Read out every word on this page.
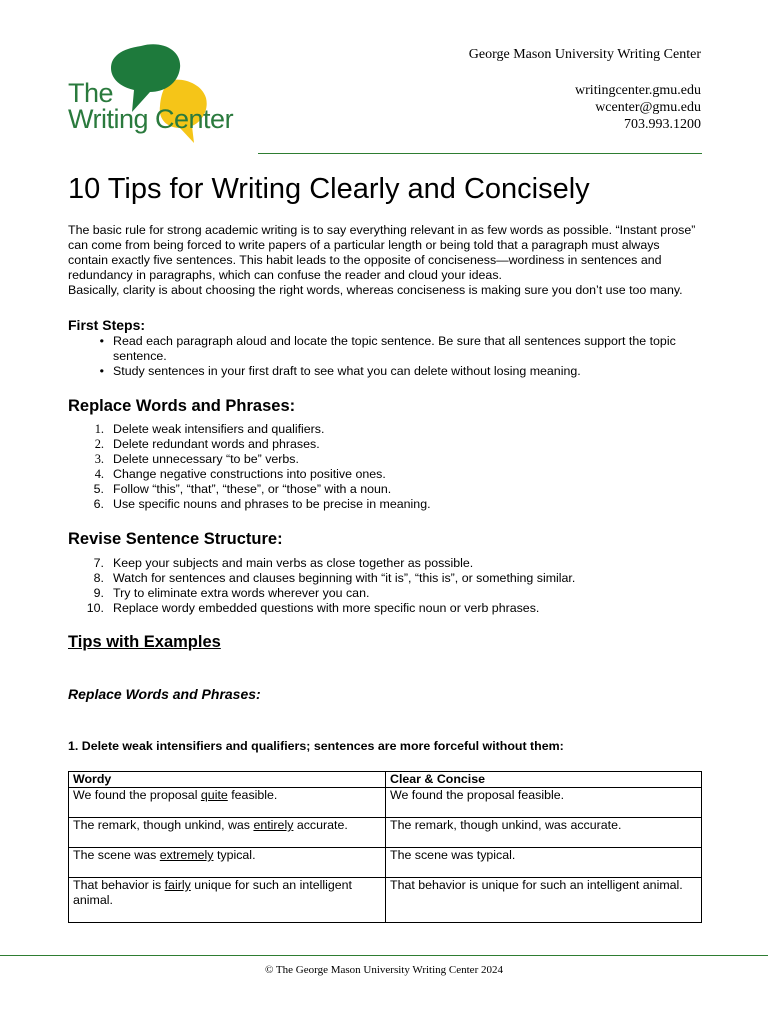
The
Writing Center
George Mason University Writing Center
writingcenter.gmu.edu
wcenter@gmu.edu
703.993.1200
10 Tips for Writing Clearly and Concisely

The basic rule for strong academic writing is to say everything relevant in as few words as possible. “Instant prose” can come from being forced to write papers of a particular length or being told that a paragraph must always contain exactly five sentences. This habit leads to the opposite of conciseness—wordiness in sentences and redundancy in paragraphs, which can confuse the reader and cloud your ideas.

Basically, clarity is about choosing the right words, whereas conciseness is making sure you don’t use too many.

First Steps:
• Read each paragraph aloud and locate the topic sentence. Be sure that all sentences support the topic sentence.
• Study sentences in your first draft to see what you can delete without losing meaning.
Replace Words and Phrases:
1. Delete weak intensifiers and qualifiers.
2. Delete redundant words and phrases.
3. Delete unnecessary “to be” verbs.
4. Change negative constructions into positive ones.
5. Follow “this”, “that”, “these”, or “those” with a noun.
6. Use specific nouns and phrases to be precise in meaning.
Revise Sentence Structure:
7. Keep your subjects and main verbs as close together as possible.
8. Watch for sentences and clauses beginning with “it is”, “this is”, or something similar.
9. Try to eliminate extra words wherever you can.
10. Replace wordy embedded questions with more specific noun or verb phrases.
Tips with Examples
Replace Words and Phrases:
1. Delete weak intensifiers and qualifiers; sentences are more forceful without them:
Wordy	Clear & Concise
We found the proposal quite feasible.	We found the proposal feasible.
The remark, though unkind, was entirely accurate.	The remark, though unkind, was accurate.
The scene was extremely typical.	The scene was typical.
That behavior is fairly unique for such an intelligent animal.	That behavior is unique for such an intelligent animal.
© The George Mason University Writing Center 2024
